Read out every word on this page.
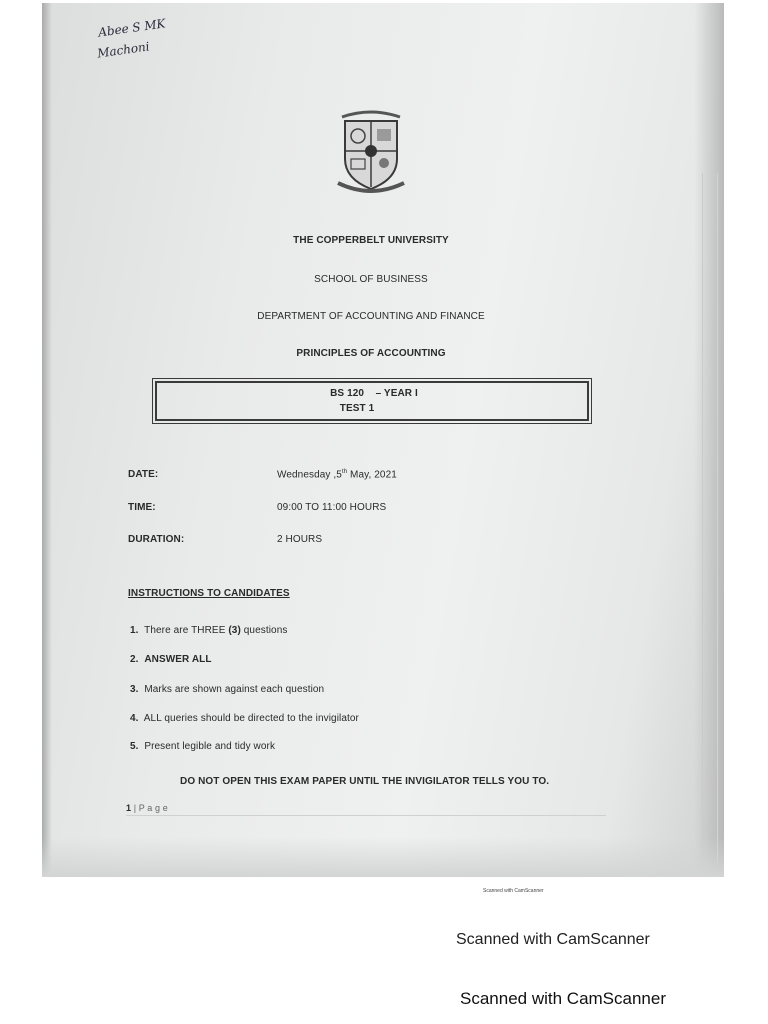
Abee S MK
Machoni
THE COPPERBELT UNIVERSITY
SCHOOL OF BUSINESS
DEPARTMENT OF ACCOUNTING AND FINANCE
PRINCIPLES OF ACCOUNTING
BS 120    – YEAR I
TEST 1
DATE:	Wednesday ,5th May, 2021
TIME:	09:00 TO 11:00 HOURS
DURATION:	2 HOURS
INSTRUCTIONS TO CANDIDATES
1. There are THREE (3) questions
2. ANSWER ALL
3. Marks are shown against each question
4. ALL queries should be directed to the invigilator
5. Present legible and tidy work
DO NOT OPEN THIS EXAM PAPER UNTIL THE INVIGILATOR TELLS YOU TO.
1 | P a g e
Scanned with CamScanner
Scanned with CamScanner
Scanned with CamScanner
